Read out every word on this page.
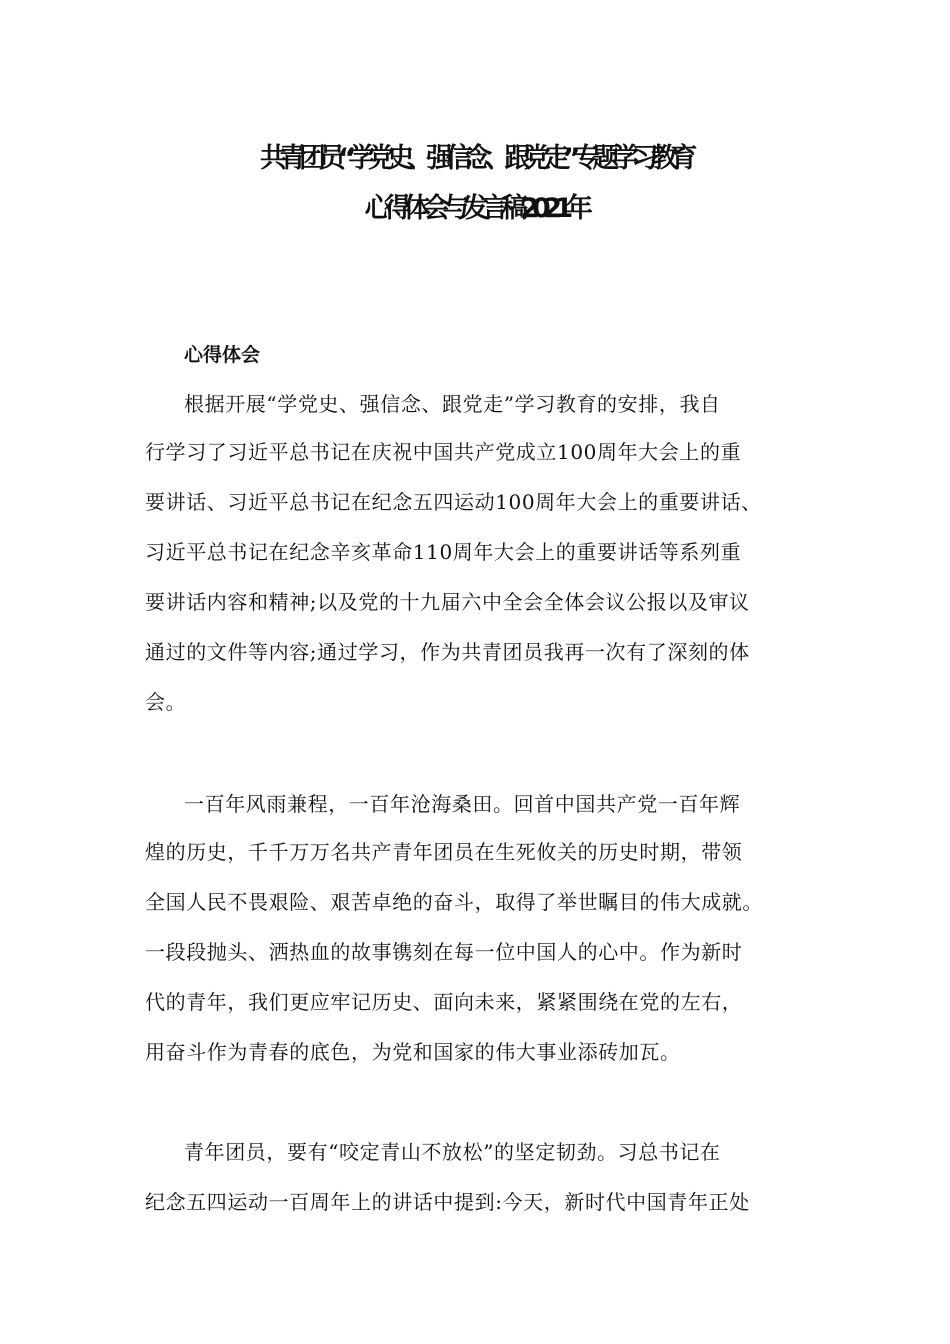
共青团员“学党史、强信念、跟党走”专题学习教育
心得体会与发言稿2021年
心得体会
根据开展“学党史、强信念、跟党走”学习教育的安排，我自
行学习了习近平总书记在庆祝中国共产党成立100周年大会上的重
要讲话、习近平总书记在纪念五四运动100周年大会上的重要讲话、
习近平总书记在纪念辛亥革命110周年大会上的重要讲话等系列重
要讲话内容和精神;以及党的十九届六中全会全体会议公报以及审议
通过的文件等内容;通过学习，作为共青团员我再一次有了深刻的体
会。
一百年风雨兼程，一百年沧海桑田。回首中国共产党一百年辉
煌的历史，千千万万名共产青年团员在生死攸关的历史时期，带领
全国人民不畏艰险、艰苦卓绝的奋斗，取得了举世瞩目的伟大成就。
一段段抛头、洒热血的故事镌刻在每一位中国人的心中。作为新时
代的青年，我们更应牢记历史、面向未来，紧紧围绕在党的左右，
用奋斗作为青春的底色，为党和国家的伟大事业添砖加瓦。
青年团员，要有“咬定青山不放松”的坚定韧劲。习总书记在
纪念五四运动一百周年上的讲话中提到:今天，新时代中国青年正处
